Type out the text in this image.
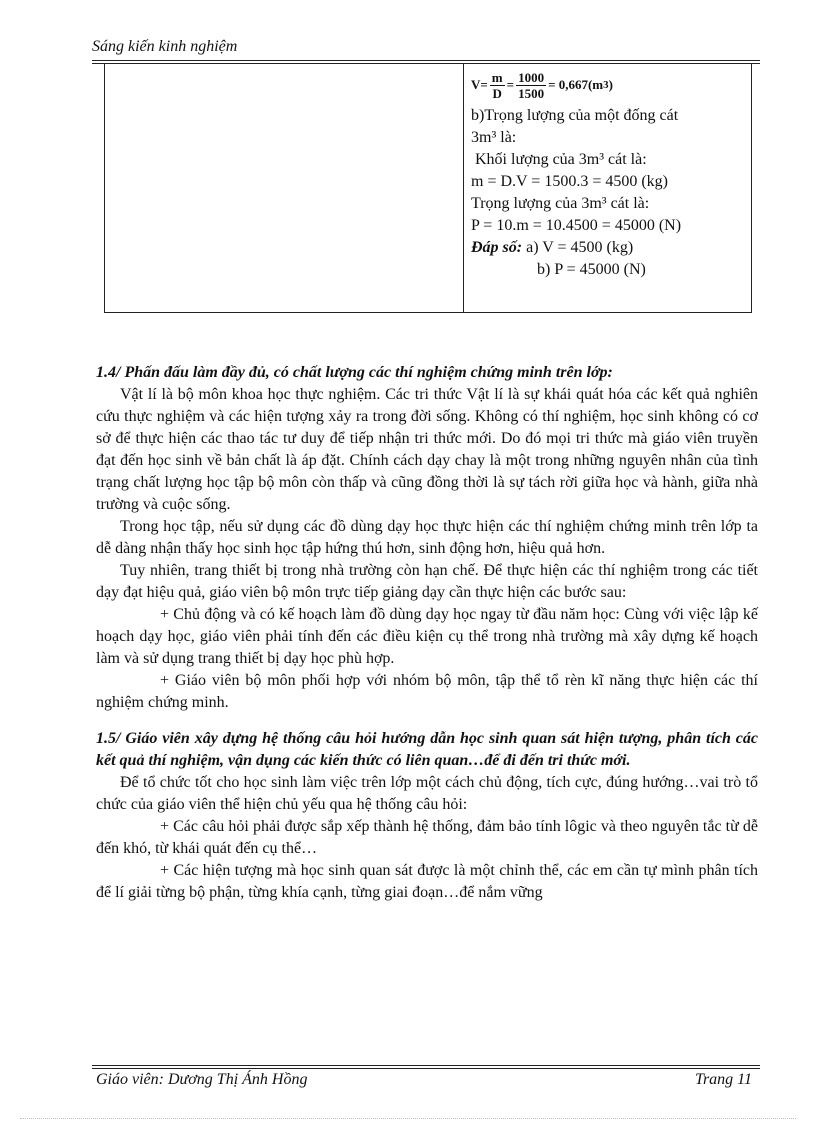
Sáng kiến kinh nghiệm
$V= \frac{m}{D} = \frac{1000}{1500} = 0,667(m$ 3 )
b)Trọng lượng của một đống cát
3m³ là:
Khối lượng của 3m³ cát là:
m = D.V = 1500.3 = 4500 (kg)
Trọng lượng của 3m³ cát là:
P = 10.m = 10.4500 = 45000 (N)
Đáp số: a) V = 4500 (kg)
b) P = 45000 (N)

1.4/ Phấn đấu làm đầy đủ, có chất lượng các thí nghiệm chứng minh trên lớp:

Vật lí là bộ môn khoa học thực nghiệm. Các tri thức Vật lí là sự khái quát hóa các kết quả nghiên cứu thực nghiệm và các hiện tượng xảy ra trong đời sống. Không có thí nghiệm, học sinh không có cơ sở để thực hiện các thao tác tư duy để tiếp nhận tri thức mới. Do đó mọi tri thức mà giáo viên truyền đạt đến học sinh về bản chất là áp đặt. Chính cách dạy chay là một trong những nguyên nhân của tình trạng chất lượng học tập bộ môn còn thấp và cũng đồng thời là sự tách rời giữa học và hành, giữa nhà trường và cuộc sống.

Trong học tập, nếu sử dụng các đồ dùng dạy học thực hiện các thí nghiệm chứng minh trên lớp ta dễ dàng nhận thấy học sinh học tập hứng thú hơn, sinh động hơn, hiệu quả hơn.

Tuy nhiên, trang thiết bị trong nhà trường còn hạn chế. Để thực hiện các thí nghiệm trong các tiết dạy đạt hiệu quả, giáo viên bộ môn trực tiếp giảng dạy cần thực hiện các bước sau:

+ Chủ động và có kế hoạch làm đồ dùng dạy học ngay từ đầu năm học: Cùng với việc lập kế hoạch dạy học, giáo viên phải tính đến các điều kiện cụ thể trong nhà trường mà xây dựng kế hoạch làm và sử dụng trang thiết bị dạy học phù hợp.

+ Giáo viên bộ môn phối hợp với nhóm bộ môn, tập thể tổ rèn kĩ năng thực hiện các thí nghiệm chứng minh.

1.5/ Giáo viên xây dựng hệ thống câu hỏi hướng dẫn học sinh quan sát hiện tượng, phân tích các kết quả thí nghiệm, vận dụng các kiến thức có liên quan…để đi đến tri thức mới.

Để tổ chức tốt cho học sinh làm việc trên lớp một cách chủ động, tích cực, đúng hướng…vai trò tổ chức của giáo viên thể hiện chủ yếu qua hệ thống câu hỏi:

+ Các câu hỏi phải được sắp xếp thành hệ thống, đảm bảo tính lôgic và theo nguyên tắc từ dễ đến khó, từ khái quát đến cụ thể…

+ Các hiện tượng mà học sinh quan sát được là một chỉnh thể, các em cần tự mình phân tích để lí giải từng bộ phận, từng khía cạnh, từng giai đoạn…để nắm vững

Giáo viên: Dương Thị Ánh Hồng	Trang 11
